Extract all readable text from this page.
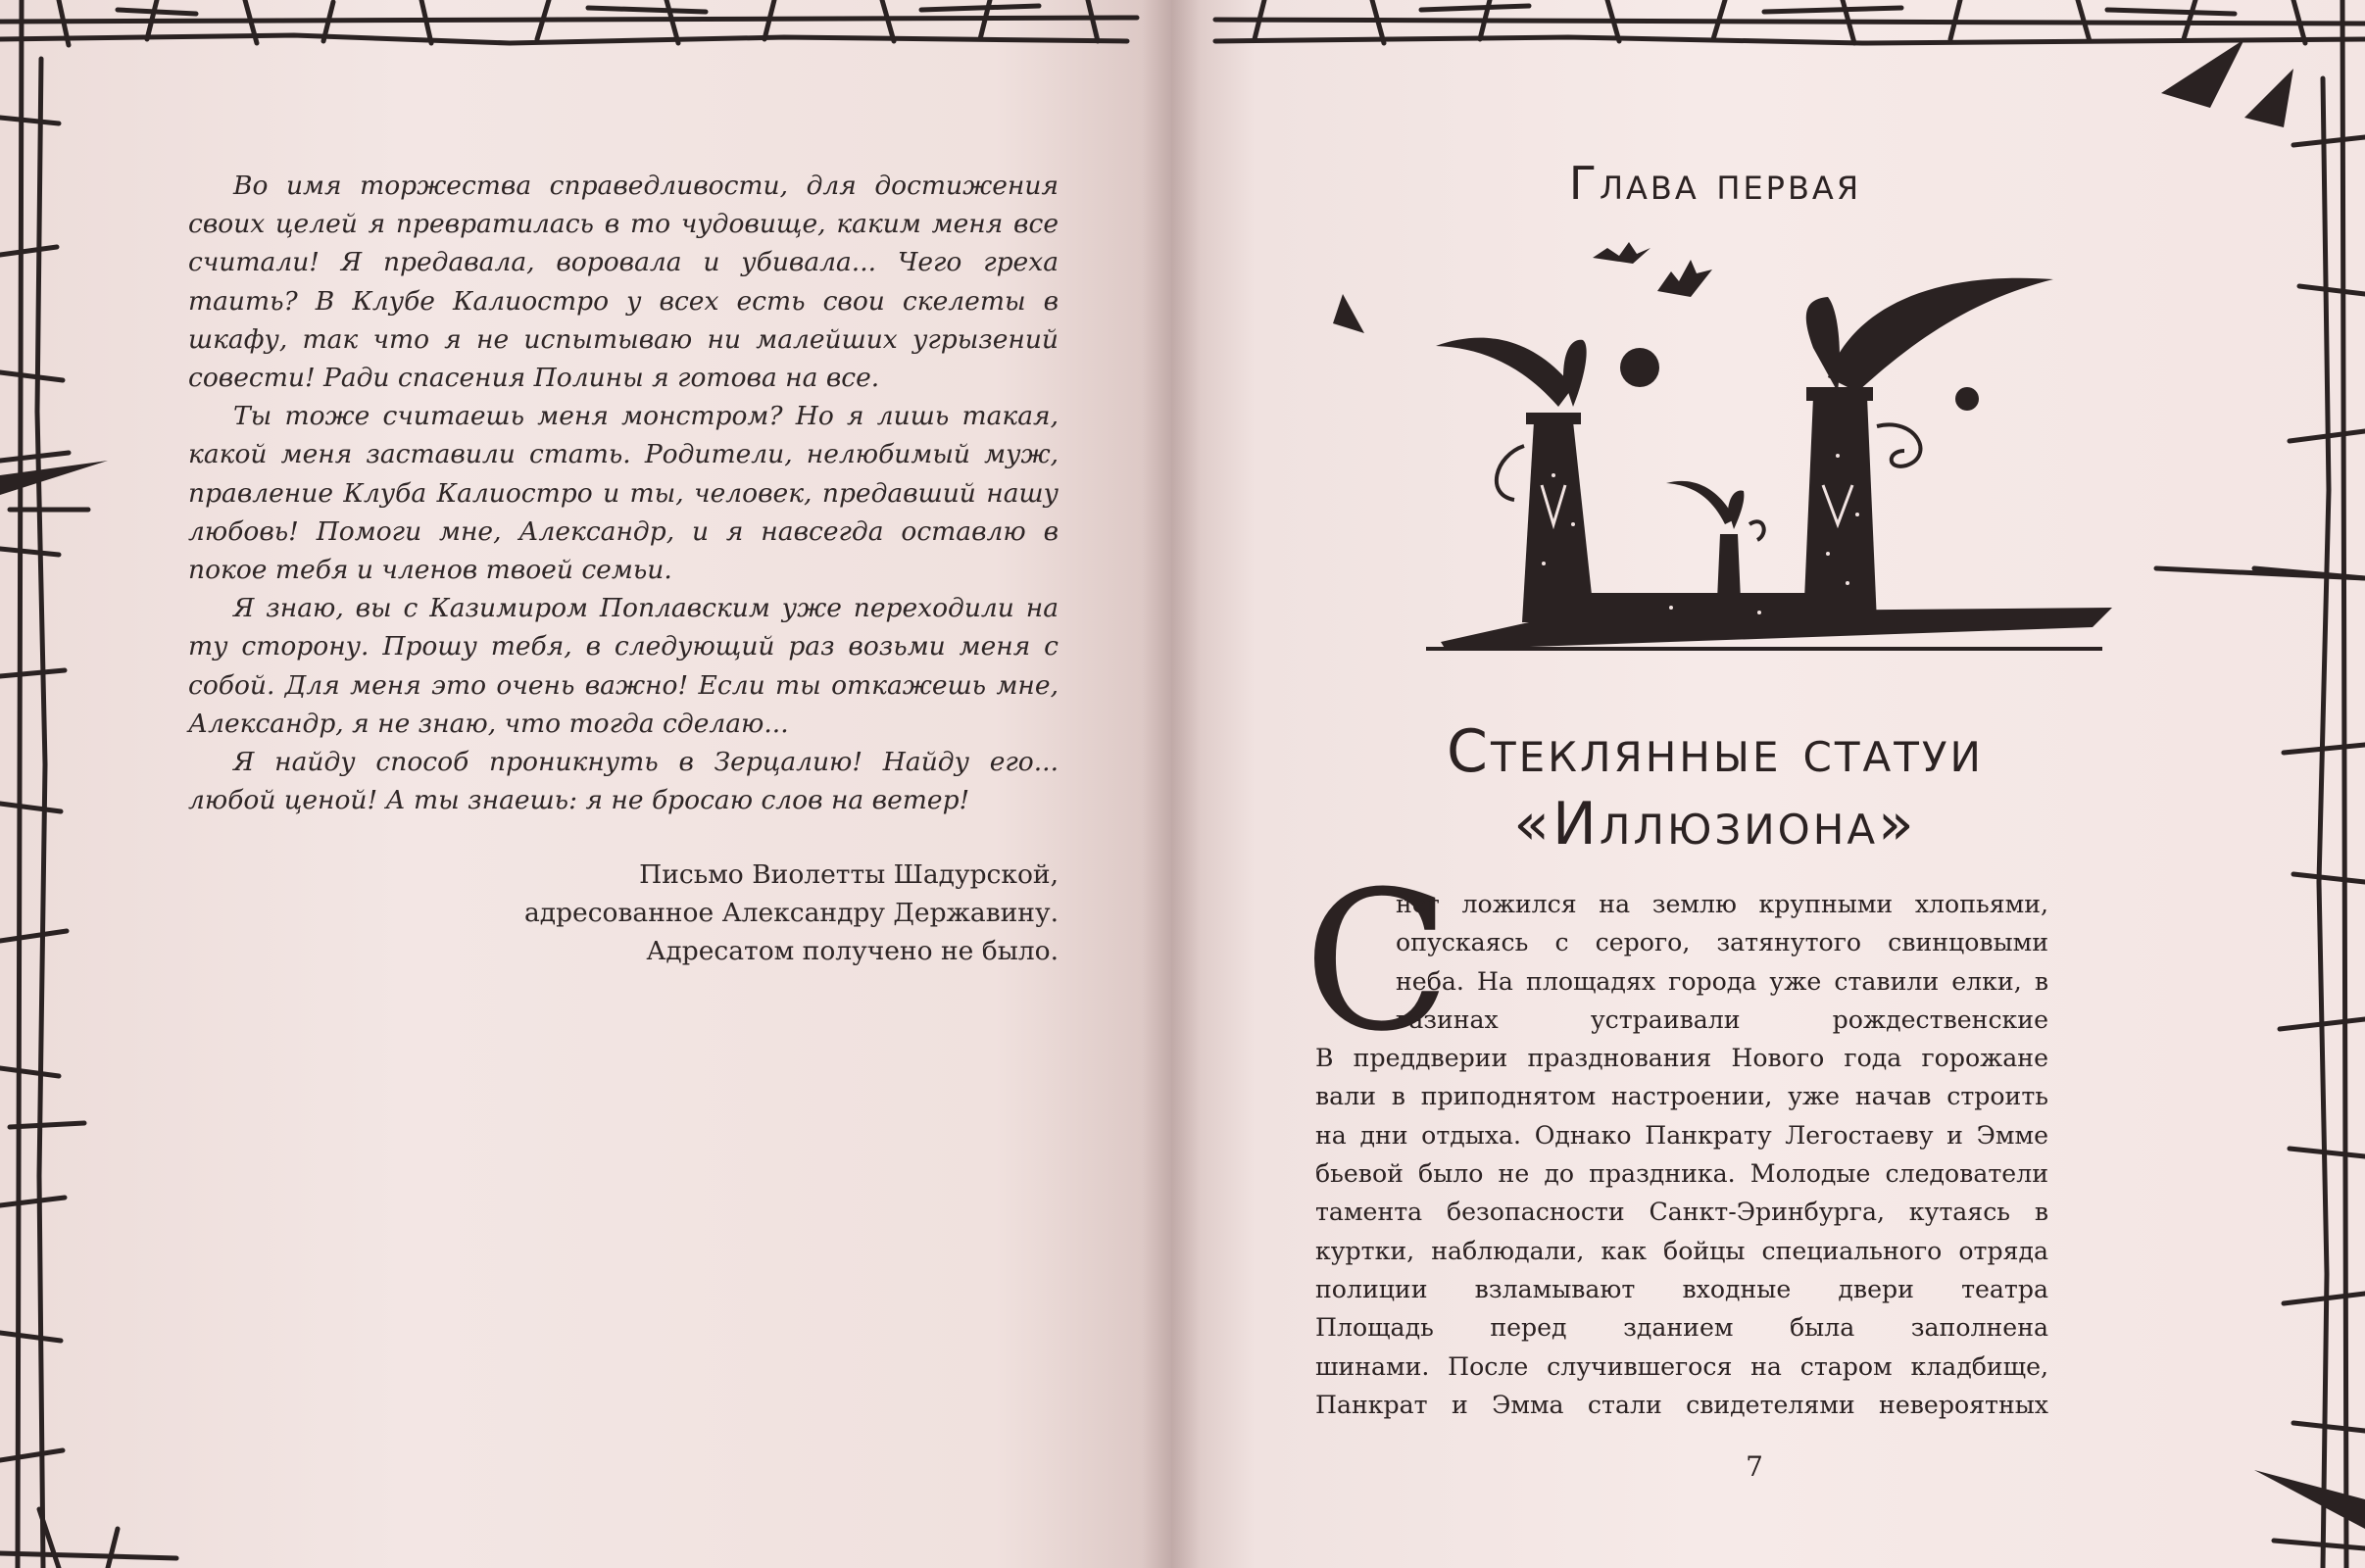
Во имя торжества справедливости, для достижения своих целей я превратилась в то чудовище, каким меня все считали! Я предавала, воровала и убивала... Чего греха таить? В Клубе Калиостро у всех есть свои скелеты в шкафу, так что я не испытываю ни малейших угрызений совести! Ради спасения Полины я готова на все.

Ты тоже считаешь меня монстром? Но я лишь такая, какой меня заставили стать. Родители, нелюбимый муж, правление Клуба Калиостро и ты, человек, предавший нашу любовь! Помоги мне, Александр, и я навсегда оставлю в покое тебя и членов твоей семьи.

Я знаю, вы с Казимиром Поплавским уже переходили на ту сторону. Прошу тебя, в следующий раз возьми меня с собой. Для меня это очень важно! Если ты откажешь мне, Александр, я не знаю, что тогда сделаю...

Я найду способ проникнуть в Зерцалию! Найду его... любой ценой! А ты знаешь: я не бросаю слов на ветер!

Письмо Виолетты Шадурской,
адресованное Александру Державину.
Адресатом получено не было.
Глава первая
Стеклянные статуи
«Иллюзиона»
С
нег ложился на землю крупными хлопьями,
опускаясь с серого, затянутого свинцовыми
неба. На площадях города уже ставили елки, в
газинах устраивали рождественские
В преддверии празднования Нового года горожане
вали в приподнятом настроении, уже начав строить
на дни отдыха. Однако Панкрату Легостаеву и Эмме
бьевой было не до праздника. Молодые следователи
тамента безопасности Санкт-Эринбурга, кутаясь в
куртки, наблюдали, как бойцы специального отряда
полиции взламывают входные двери театра
Площадь перед зданием была заполнена
шинами. После случившегося на старом кладбище,
Панкрат и Эмма стали свидетелями невероятных
7
